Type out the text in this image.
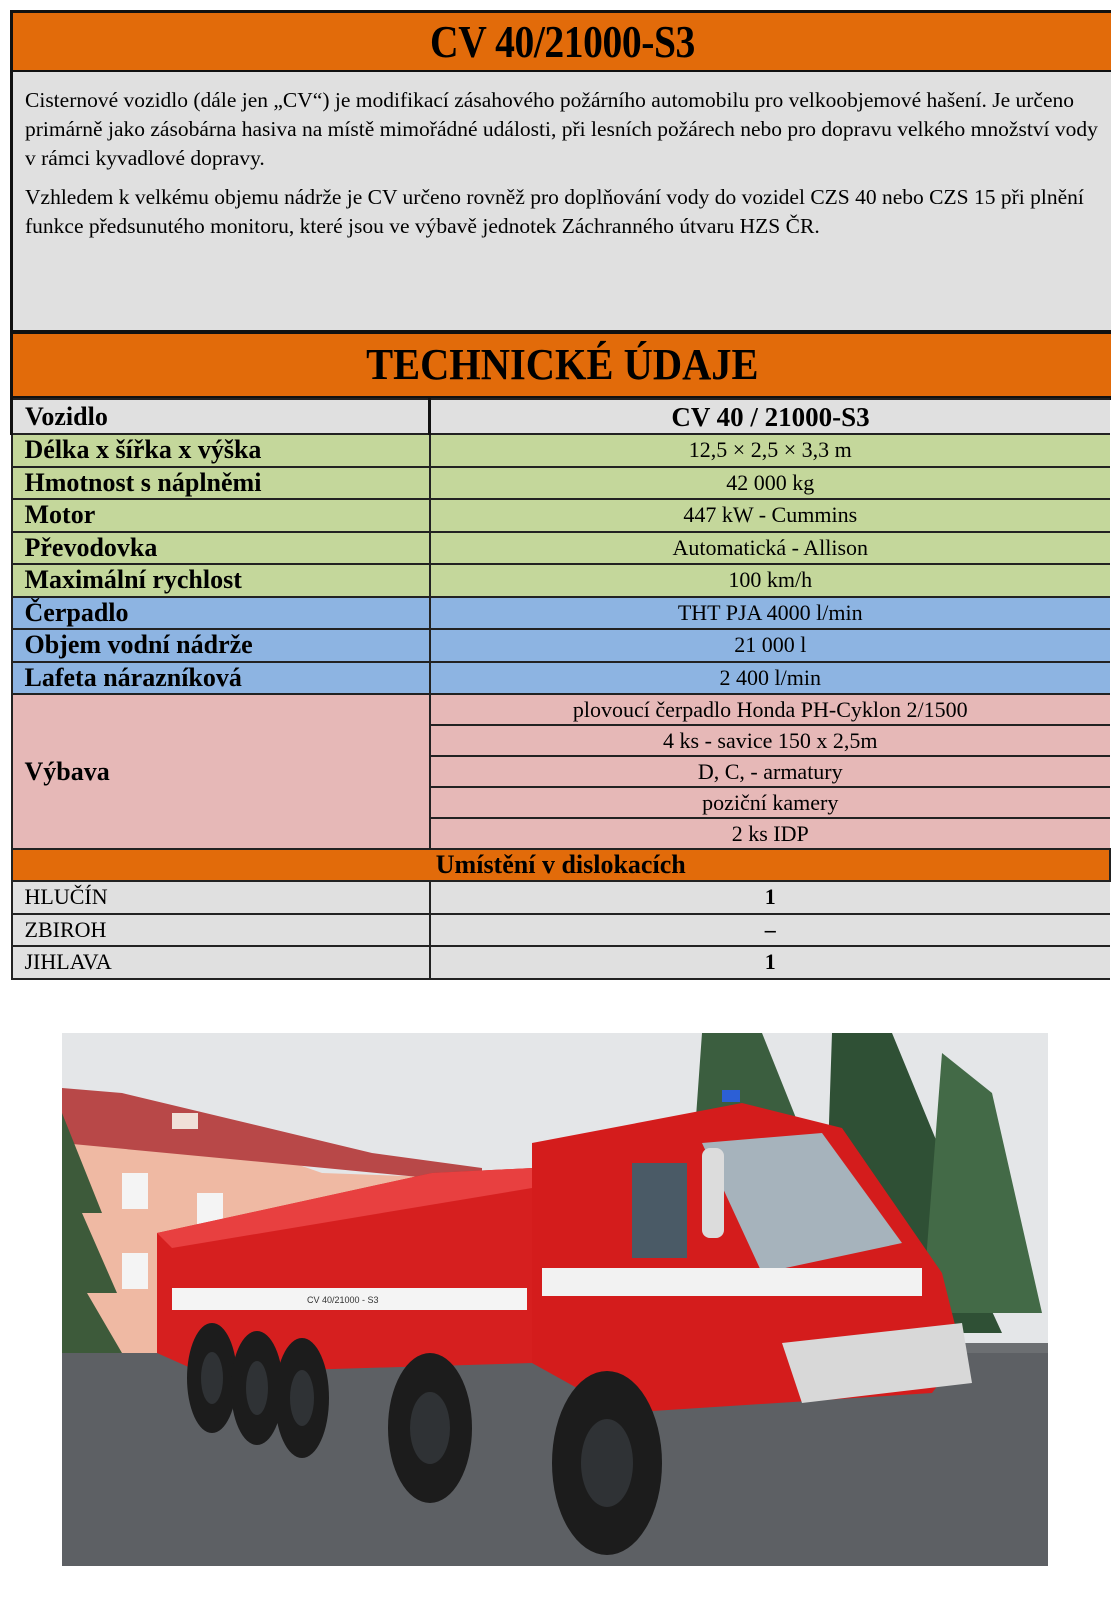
CV 40/21000-S3

Cisternové vozidlo (dále jen „CV“) je modifikací zásahového požárního automobilu pro velkoobjemové hašení. Je určeno primárně jako zásobárna hasiva na místě mimořádné události, při lesních požárech nebo pro dopravu velkého množství vody v rámci kyvadlové dopravy.

Vzhledem k velkému objemu nádrže je CV určeno rovněž pro doplňování vody do vozidel CZS 40 nebo CZS 15 při plnění funkce předsunutého monitoru, které jsou ve výbavě jednotek Záchranného útvaru HZS ČR.

TECHNICKÉ ÚDAJE
Vozidlo	CV 40 / 21000-S3
Délka x šířka x výška	12,5 × 2,5 × 3,3 m
Hmotnost s náplněmi	42 000 kg
Motor	447 kW - Cummins
Převodovka	Automatická - Allison
Maximální rychlost	100 km/h
Čerpadlo	THT PJA 4000 l/min
Objem vodní nádrže	21 000 l
Lafeta nárazníková	2 400 l/min
Výbava	plovoucí čerpadlo Honda PH-Cyklon 2/1500
	4 ks - savice 150 x 2,5m
	D, C, - armatury
	poziční kamery
	2 ks IDP
Umístění v dislokacích	
HLUČÍN	1
ZBIROH	–
JIHLAVA	1
CV 40/21000 - S3
